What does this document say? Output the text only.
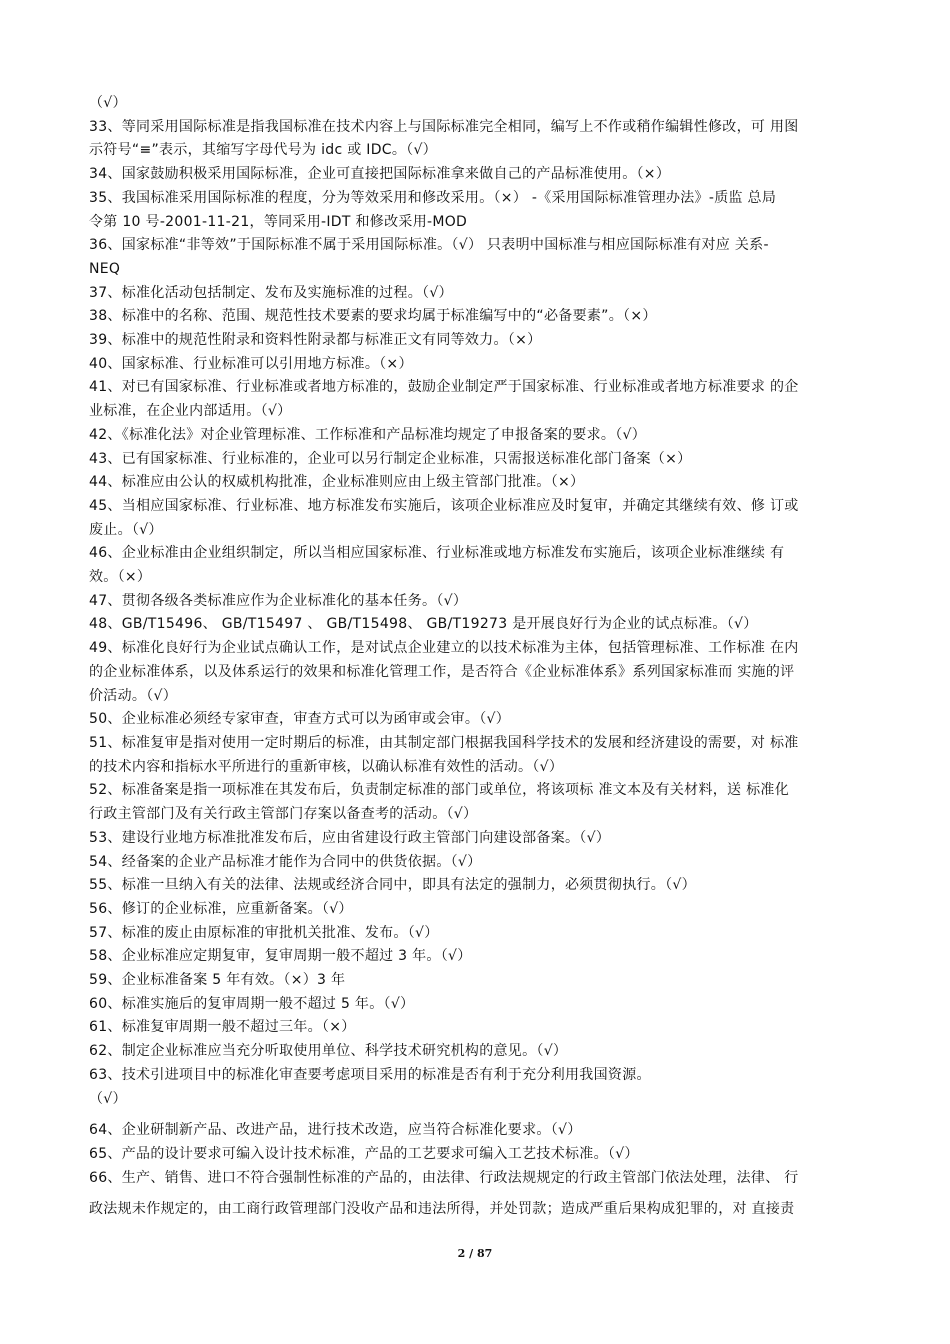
（√）
33、等同采用国际标准是指我国标准在技术内容上与国际标准完全相同，编写上不作或稍作编辑性修改，可 用图
示符号“≡”表示，其缩写字母代号为 idc 或 IDC。（√）
34、国家鼓励积极采用国际标准，企业可直接把国际标准拿来做自己的产品标准使用。（×）
35、我国标准采用国际标准的程度，分为等效采用和修改采用。（×） -《采用国际标准管理办法》-质监 总局
令第 10 号-2001-11-21，等同采用-IDT 和修改采用-MOD
36、国家标准“非等效”于国际标准不属于采用国际标准。（√） 只表明中国标准与相应国际标准有对应 关系-
NEQ
37、标准化活动包括制定、发布及实施标准的过程。（√）
38、标准中的名称、范围、规范性技术要素的要求均属于标准编写中的“必备要素”。（×）
39、标准中的规范性附录和资料性附录都与标准正文有同等效力。（×）
40、国家标准、行业标准可以引用地方标准。（×）
41、对已有国家标准、行业标准或者地方标准的，鼓励企业制定严于国家标准、行业标准或者地方标准要求 的企
业标准，在企业内部适用。（√）
42、《标准化法》对企业管理标准、工作标准和产品标准均规定了申报备案的要求。（√）
43、已有国家标准、行业标准的，企业可以另行制定企业标准，只需报送标准化部门备案（×）
44、标准应由公认的权威机构批准，企业标准则应由上级主管部门批准。（×）
45、当相应国家标准、行业标准、地方标准发布实施后，该项企业标准应及时复审，并确定其继续有效、修 订或
废止。（√）
46、企业标准由企业组织制定，所以当相应国家标准、行业标准或地方标准发布实施后，该项企业标准继续 有
效。（×）
47、贯彻各级各类标准应作为企业标准化的基本任务。（√）
48、GB/T15496、 GB/T15497 、 GB/T15498、 GB/T19273 是开展良好行为企业的试点标准。（√）
49、标准化良好行为企业试点确认工作，是对试点企业建立的以技术标准为主体，包括管理标准、工作标准 在内
的企业标准体系，以及体系运行的效果和标准化管理工作，是否符合《企业标准体系》系列国家标准而 实施的评
价活动。（√）
50、企业标准必须经专家审查，审查方式可以为函审或会审。（√）
51、标准复审是指对使用一定时期后的标准，由其制定部门根据我国科学技术的发展和经济建设的需要，对 标准
的技术内容和指标水平所进行的重新审核，以确认标准有效性的活动。（√）
52、标准备案是指一项标准在其发布后，负责制定标准的部门或单位，将该项标 准文本及有关材料，送 标准化
行政主管部门及有关行政主管部门存案以备查考的活动。（√）
53、建设行业地方标准批准发布后，应由省建设行政主管部门向建设部备案。（√）
54、经备案的企业产品标准才能作为合同中的供货依据。（√）
55、标准一旦纳入有关的法律、法规或经济合同中，即具有法定的强制力，必须贯彻执行。（√）
56、修订的企业标准，应重新备案。（√）
57、标准的废止由原标准的审批机关批准、发布。（√）
58、企业标准应定期复审，复审周期一般不超过 3 年。（√）
59、企业标准备案 5 年有效。（×）3 年
60、标准实施后的复审周期一般不超过 5 年。（√）
61、标准复审周期一般不超过三年。（×）
62、制定企业标准应当充分听取使用单位、科学技术研究机构的意见。（√）
63、技术引进项目中的标准化审查要考虑项目采用的标准是否有利于充分利用我国资源。
（√）
64、企业研制新产品、改进产品，进行技术改造，应当符合标准化要求。（√）
65、产品的设计要求可编入设计技术标准，产品的工艺要求可编入工艺技术标准。（√）
66、生产、销售、进口不符合强制性标准的产品的，由法律、行政法规规定的行政主管部门依法处理，法律、 行
政法规未作规定的，由工商行政管理部门没收产品和违法所得，并处罚款；造成严重后果构成犯罪的，对 直接责
2 / 87
